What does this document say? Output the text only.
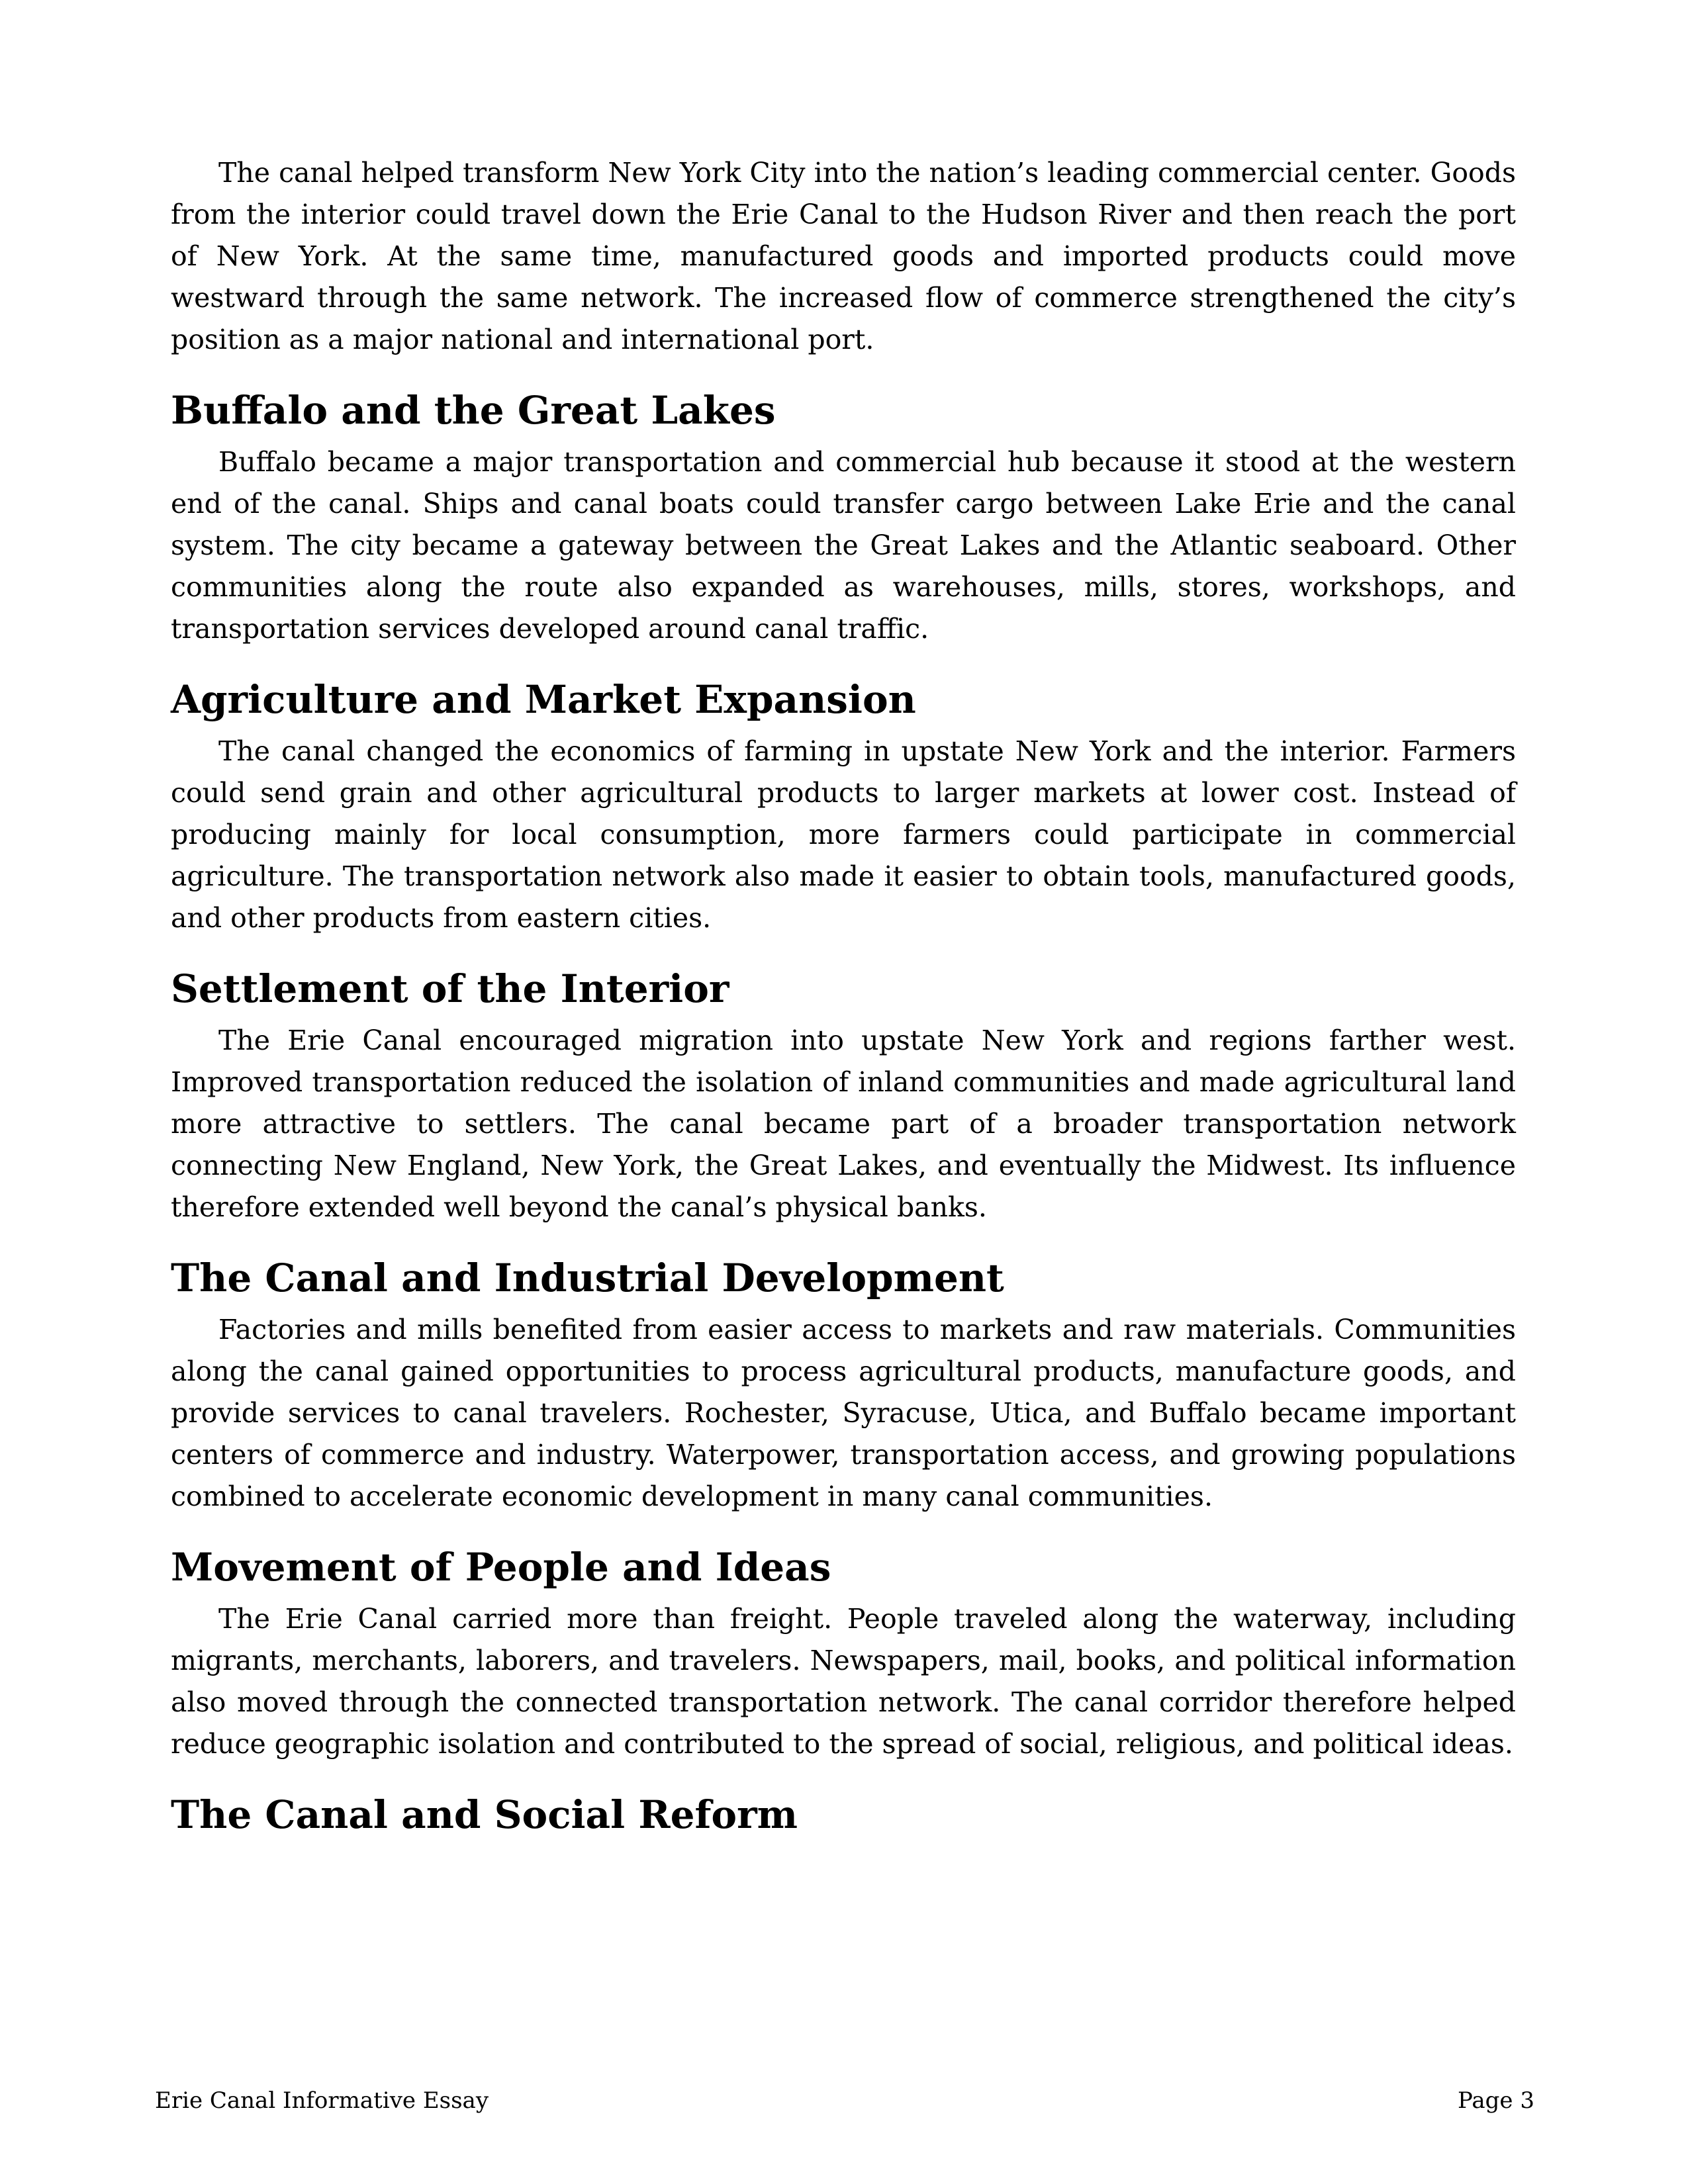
The canal helped transform New York City into the nation’s leading commercial center. Goods from the interior could travel down the Erie Canal to the Hudson River and then reach the port of New York. At the same time, manufactured goods and imported products could move westward through the same network. The increased flow of commerce strengthened the city’s position as a major national and international port.

Buffalo and the Great Lakes

Buffalo became a major transportation and commercial hub because it stood at the western end of the canal. Ships and canal boats could transfer cargo between Lake Erie and the canal system. The city became a gateway between the Great Lakes and the Atlantic seaboard. Other communities along the route also expanded as warehouses, mills, stores, workshops, and transportation services developed around canal traffic.

Agriculture and Market Expansion

The canal changed the economics of farming in upstate New York and the interior. Farmers could send grain and other agricultural products to larger markets at lower cost. Instead of producing mainly for local consumption, more farmers could participate in commercial agriculture. The transportation network also made it easier to obtain tools, manufactured goods, and other products from eastern cities.

Settlement of the Interior

The Erie Canal encouraged migration into upstate New York and regions farther west. Improved transportation reduced the isolation of inland communities and made agricultural land more attractive to settlers. The canal became part of a broader transportation network connecting New England, New York, the Great Lakes, and eventually the Midwest. Its influence therefore extended well beyond the canal’s physical banks.

The Canal and Industrial Development

Factories and mills benefited from easier access to markets and raw materials. Communities along the canal gained opportunities to process agricultural products, manufacture goods, and provide services to canal travelers. Rochester, Syracuse, Utica, and Buffalo became important centers of commerce and industry. Waterpower, transportation access, and growing populations combined to accelerate economic development in many canal communities.

Movement of People and Ideas

The Erie Canal carried more than freight. People traveled along the waterway, including migrants, merchants, laborers, and travelers. Newspapers, mail, books, and political information also moved through the connected transportation network. The canal corridor therefore helped reduce geographic isolation and contributed to the spread of social, religious, and political ideas.

The Canal and Social Reform
Erie Canal Informative Essay	Page 3
